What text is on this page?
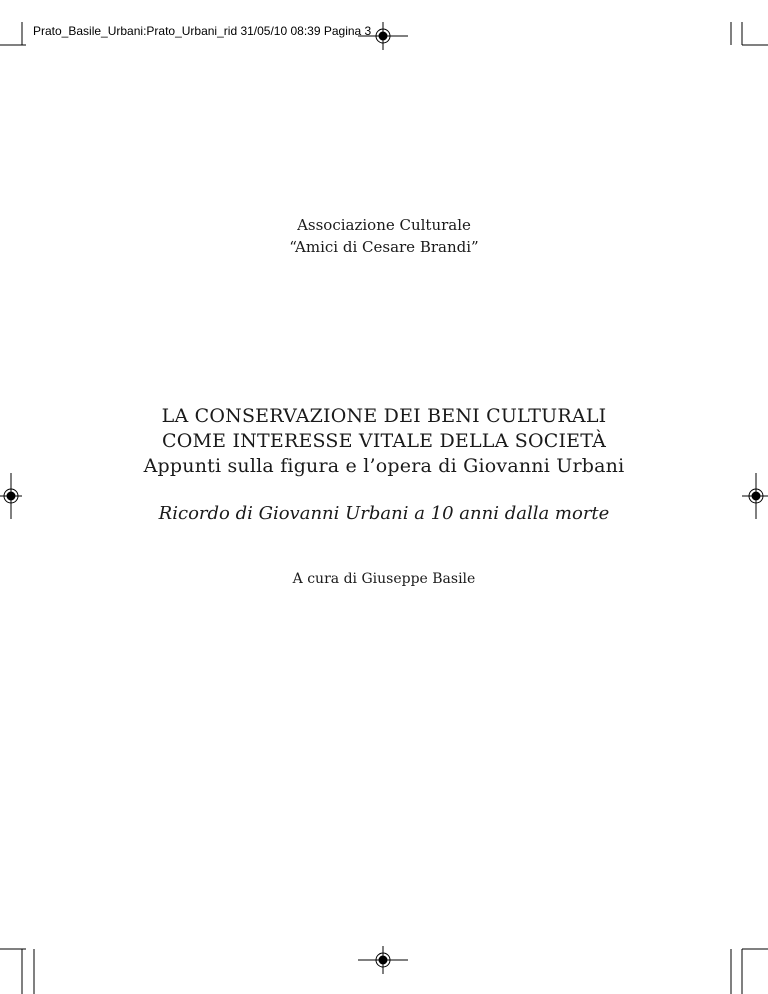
Prato_Basile_Urbani:Prato_Urbani_rid 31/05/10 08:39 Pagina 3
Associazione Culturale
“Amici di Cesare Brandi”
LA CONSERVAZIONE DEI BENI CULTURALI
COME INTERESSE VITALE DELLA SOCIETÀ
Appunti sulla figura e l’opera di Giovanni Urbani
Ricordo di Giovanni Urbani a 10 anni dalla morte
A cura di Giuseppe Basile
